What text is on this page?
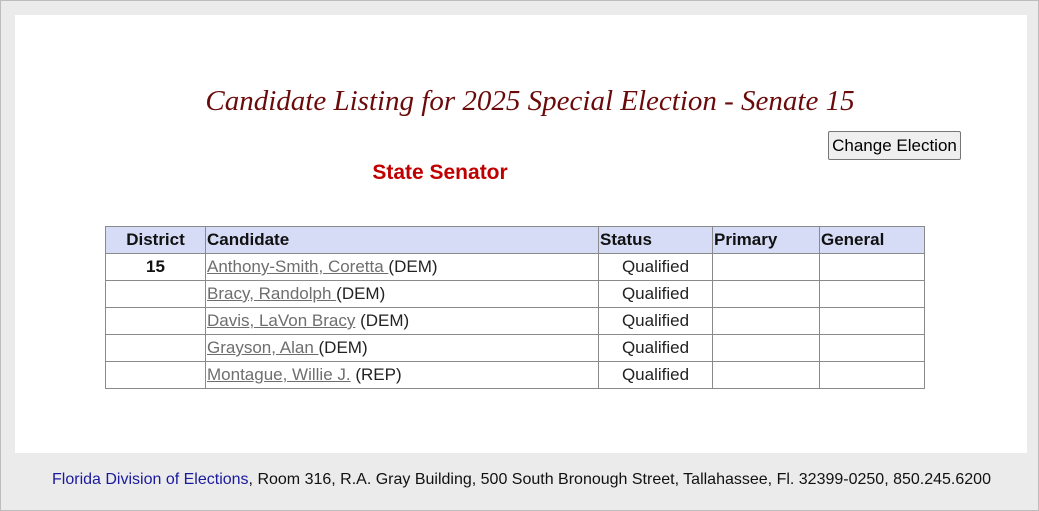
Candidate Listing for 2025 Special Election - Senate 15
Change Election
State Senator
District	Candidate	Status	Primary	General
15	Anthony-Smith, Coretta (DEM)	Qualified		
	Bracy, Randolph (DEM)	Qualified		
	Davis, LaVon Bracy (DEM)	Qualified		
	Grayson, Alan (DEM)	Qualified		
	Montague, Willie J. (REP)	Qualified		
Florida Division of Elections, Room 316, R.A. Gray Building, 500 South Bronough Street, Tallahassee, Fl. 32399-0250, 850.245.6200
